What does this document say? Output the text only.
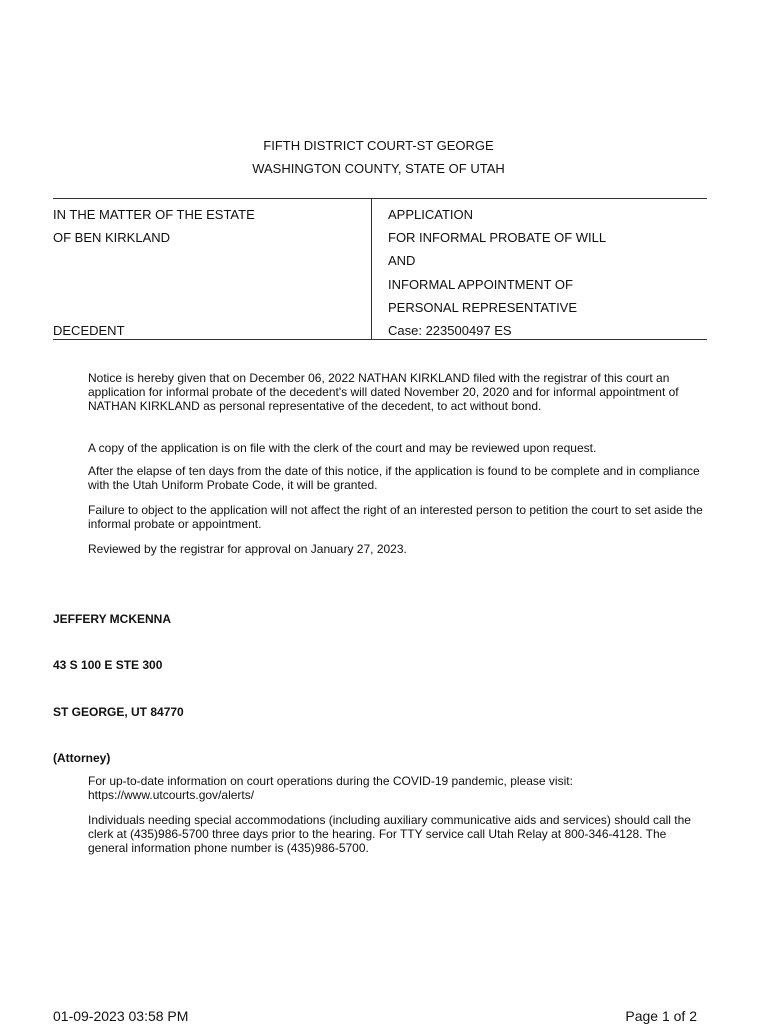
FIFTH DISTRICT COURT-ST GEORGE
WASHINGTON COUNTY, STATE OF UTAH
IN THE MATTER OF THE ESTATE
OF BEN KIRKLAND
DECEDENT
APPLICATION
FOR INFORMAL PROBATE OF WILL
AND
INFORMAL APPOINTMENT OF
PERSONAL REPRESENTATIVE
Case: 223500497 ES

Notice is hereby given that on December 06, 2022 NATHAN KIRKLAND filed with the registrar of this court an application for informal probate of the decedent's will dated November 20, 2020 and for informal appointment of NATHAN KIRKLAND as personal representative of the decedent, to act without bond.

A copy of the application is on file with the clerk of the court and may be reviewed upon request.

After the elapse of ten days from the date of this notice, if the application is found to be complete and in compliance with the Utah Uniform Probate Code, it will be granted.

Failure to object to the application will not affect the right of an interested person to petition the court to set aside the informal probate or appointment.

Reviewed by the registrar for approval on January 27, 2023.

JEFFERY MCKENNA
43 S 100 E STE 300
ST GEORGE, UT 84770
(Attorney)

For up-to-date information on court operations during the COVID-19 pandemic, please visit: https://www.utcourts.gov/alerts/

Individuals needing special accommodations (including auxiliary communicative aids and services) should call the clerk at (435)986-5700 three days prior to the hearing. For TTY service call Utah Relay at 800-346-4128. The general information phone number is (435)986-5700.

01-09-2023 03:58 PM	Page 1 of 2
